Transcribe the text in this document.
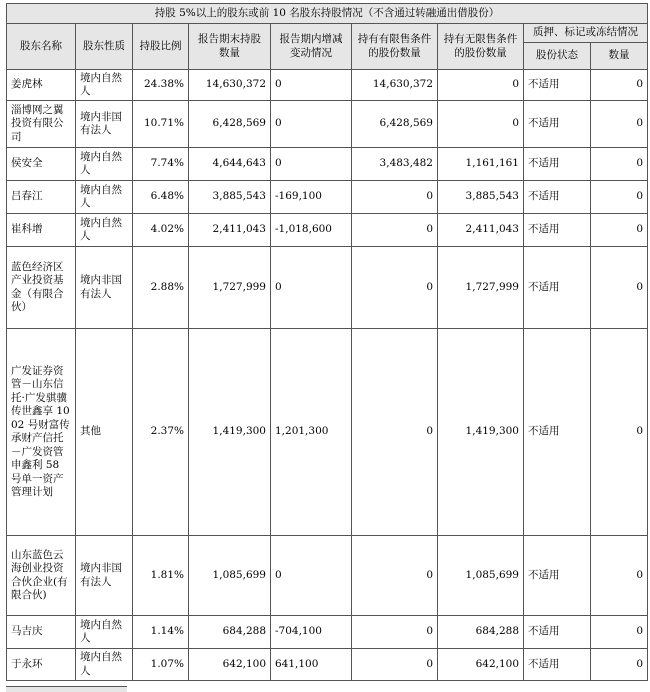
持股 5%以上的股东或前 10 名股东持股情况（不含通过转融通出借股份）								
股东名称	股东性质	持股比例	报告期末持股数量	报告期内增减变动情况	持有有限售条件的股份数量	持有无限售条件的股份数量	质押、标记或冻结情况	
							股份状态	数量
姜虎林	境内自然人	24.38%	14,630,372	0	14,630,372	0	不适用	0
淄博网之翼投资有限公司	境内非国有法人	10.71%	6,428,569	0	6,428,569	0	不适用	0
侯安全	境内自然人	7.74%	4,644,643	0	3,483,482	1,161,161	不适用	0
吕春江	境内自然人	6.48%	3,885,543	-169,100	0	3,885,543	不适用	0
崔科增	境内自然人	4.02%	2,411,043	-1,018,600	0	2,411,043	不适用	0
蓝色经济区产业投资基金（有限合伙）	境内非国有法人	2.88%	1,727,999	0	0	1,727,999	不适用	0
广发证券资管－山东信托·广发骐骥传世鑫享 1002 号财富传承财产信托－广发资管申鑫利 58 号单一资产管理计划	其他	2.37%	1,419,300	1,201,300	0	1,419,300	不适用	0
山东蓝色云海创业投资合伙企业(有限合伙)	境内非国有法人	1.81%	1,085,699	0	0	1,085,699	不适用	0
马吉庆	境内自然人	1.14%	684,288	-704,100	0	684,288	不适用	0
于永环	境内自然人	1.07%	642,100	641,100	0	642,100	不适用	0
